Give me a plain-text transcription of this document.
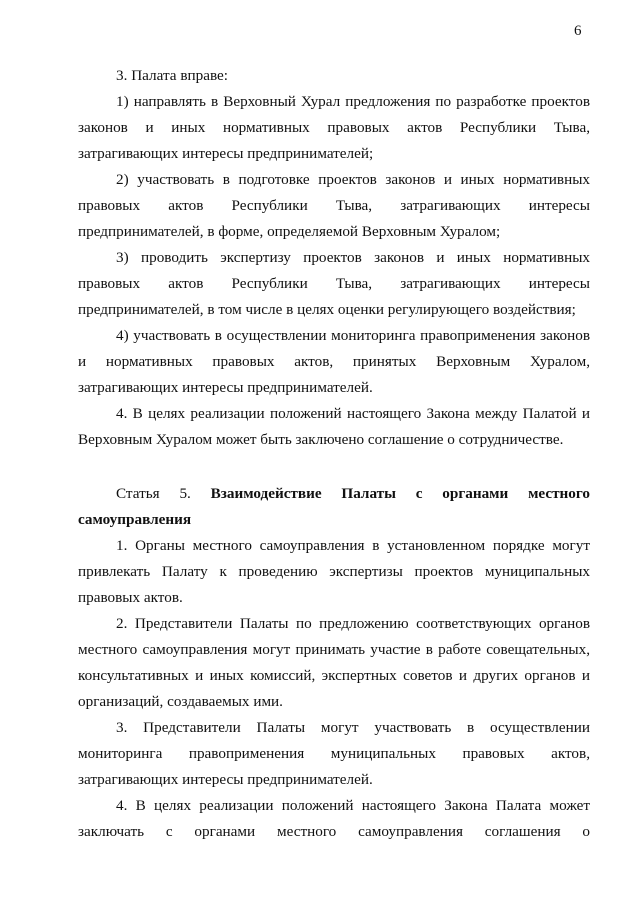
6

3. Палата вправе:

1) направлять в Верховный Хурал предложения по разработке проектов законов и иных нормативных правовых актов Республики Тыва, затрагивающих интересы предпринимателей;

2) участвовать в подготовке проектов законов и иных нормативных правовых актов Республики Тыва, затрагивающих интересы предпринимателей, в форме, определяемой Верховным Хуралом;

3) проводить экспертизу проектов законов и иных нормативных правовых актов Республики Тыва, затрагивающих интересы предпринимателей, в том числе в целях оценки регулирующего воздействия;

4) участвовать в осуществлении мониторинга правоприменения законов и нормативных правовых актов, принятых Верховным Хуралом, затрагивающих интересы предпринимателей.

4. В целях реализации положений настоящего Закона между Палатой и Верховным Хуралом может быть заключено соглашение о сотрудничестве.

Статья 5. Взаимодействие Палаты с органами местного самоуправления

1. Органы местного самоуправления в установленном порядке могут привлекать Палату к проведению экспертизы проектов муниципальных правовых актов.

2. Представители Палаты по предложению соответствующих органов местного самоуправления могут принимать участие в работе совещательных, консультативных и иных комиссий, экспертных советов и других органов и организаций, создаваемых ими.

3. Представители Палаты могут участвовать в осуществлении мониторинга правоприменения муниципальных правовых актов, затрагивающих интересы предпринимателей.

4. В целях реализации положений настоящего Закона Палата может заключать с органами местного самоуправления соглашения о
